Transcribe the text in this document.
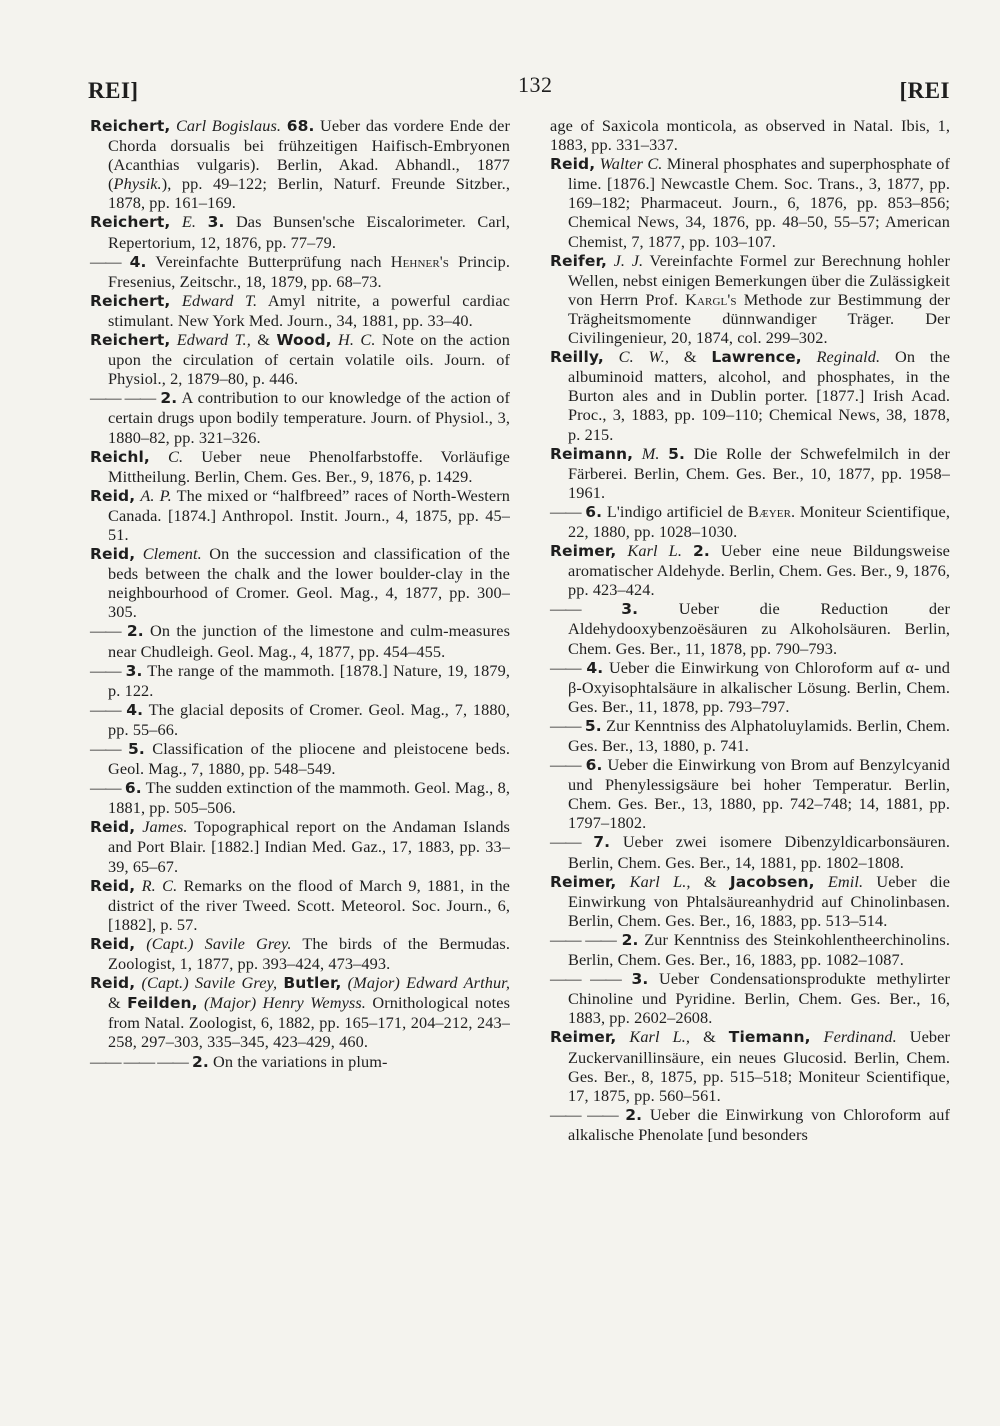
REI]	132	[REI

Reichert, Carl Bogislaus. 68. Ueber das vordere Ende der Chorda dorsualis bei frühzeitigen Haifisch-Embryonen (Acanthias vulgaris). Berlin, Akad. Abhandl., 1877 (Physik.), pp. 49–122; Berlin, Naturf. Freunde Sitzber., 1878, pp. 161–169.

Reichert, E. 3. Das Bunsen'sche Eiscalorimeter. Carl, Repertorium, 12, 1876, pp. 77–79.

—— 4. Vereinfachte Butterprüfung nach Hehner's Princip. Fresenius, Zeitschr., 18, 1879, pp. 68–73.

Reichert, Edward T. Amyl nitrite, a powerful cardiac stimulant. New York Med. Journ., 34, 1881, pp. 33–40.

Reichert, Edward T., & Wood, H. C. Note on the action upon the circulation of certain volatile oils. Journ. of Physiol., 2, 1879–80, p. 446.

—— —— 2. A contribution to our knowledge of the action of certain drugs upon bodily temperature. Journ. of Physiol., 3, 1880–82, pp. 321–326.

Reichl, C. Ueber neue Phenolfarbstoffe. Vorläufige Mittheilung. Berlin, Chem. Ges. Ber., 9, 1876, p. 1429.

Reid, A. P. The mixed or “halfbreed” races of North-Western Canada. [1874.] Anthropol. Instit. Journ., 4, 1875, pp. 45–51.

Reid, Clement. On the succession and classification of the beds between the chalk and the lower boulder-clay in the neighbourhood of Cromer. Geol. Mag., 4, 1877, pp. 300–305.

—— 2. On the junction of the limestone and culm-measures near Chudleigh. Geol. Mag., 4, 1877, pp. 454–455.

—— 3. The range of the mammoth. [1878.] Nature, 19, 1879, p. 122.

—— 4. The glacial deposits of Cromer. Geol. Mag., 7, 1880, pp. 55–66.

—— 5. Classification of the pliocene and pleistocene beds. Geol. Mag., 7, 1880, pp. 548–549.

—— 6. The sudden extinction of the mammoth. Geol. Mag., 8, 1881, pp. 505–506.

Reid, James. Topographical report on the Andaman Islands and Port Blair. [1882.] Indian Med. Gaz., 17, 1883, pp. 33–39, 65–67.

Reid, R. C. Remarks on the flood of March 9, 1881, in the district of the river Tweed. Scott. Meteorol. Soc. Journ., 6, [1882], p. 57.

Reid, (Capt.) Savile Grey. The birds of the Bermudas. Zoologist, 1, 1877, pp. 393–424, 473–493.

Reid, (Capt.) Savile Grey, Butler, (Major) Edward Arthur, & Feilden, (Major) Henry Wemyss. Ornithological notes from Natal. Zoologist, 6, 1882, pp. 165–171, 204–212, 243–258, 297–303, 335–345, 423–429, 460.

—— —— —— 2. On the variations in plum-

age of Saxicola monticola, as observed in Natal. Ibis, 1, 1883, pp. 331–337.

Reid, Walter C. Mineral phosphates and superphosphate of lime. [1876.] Newcastle Chem. Soc. Trans., 3, 1877, pp. 169–182; Pharmaceut. Journ., 6, 1876, pp. 853–856; Chemical News, 34, 1876, pp. 48–50, 55–57; American Chemist, 7, 1877, pp. 103–107.

Reifer, J. J. Vereinfachte Formel zur Berechnung hohler Wellen, nebst einigen Bemerkungen über die Zulässigkeit von Herrn Prof. Kargl's Methode zur Bestimmung der Trägheitsmomente dünnwandiger Träger. Der Civilingenieur, 20, 1874, col. 299–302.

Reilly, C. W., & Lawrence, Reginald. On the albuminoid matters, alcohol, and phosphates, in the Burton ales and in Dublin porter. [1877.] Irish Acad. Proc., 3, 1883, pp. 109–110; Chemical News, 38, 1878, p. 215.

Reimann, M. 5. Die Rolle der Schwefelmilch in der Färberei. Berlin, Chem. Ges. Ber., 10, 1877, pp. 1958–1961.

—— 6. L'indigo artificiel de Bæyer. Moniteur Scientifique, 22, 1880, pp. 1028–1030.

Reimer, Karl L. 2. Ueber eine neue Bildungsweise aromatischer Aldehyde. Berlin, Chem. Ges. Ber., 9, 1876, pp. 423–424.

——	3. Ueber die Reduction der Aldehydooxybenzoësäuren zu Alkoholsäuren. Berlin, Chem. Ges. Ber., 11, 1878, pp. 790–793.

—— 4. Ueber die Einwirkung von Chloroform auf α- und β-Oxyisophtalsäure in alkalischer Lösung. Berlin, Chem. Ges. Ber., 11, 1878, pp. 793–797.

—— 5. Zur Kenntniss des Alphatoluylamids. Berlin, Chem. Ges. Ber., 13, 1880, p. 741.

—— 6. Ueber die Einwirkung von Brom auf Benzylcyanid und Phenylessigsäure bei hoher Temperatur. Berlin, Chem. Ges. Ber., 13, 1880, pp. 742–748; 14, 1881, pp. 1797–1802.

—— 7. Ueber zwei isomere Dibenzyldicarbonsäuren. Berlin, Chem. Ges. Ber., 14, 1881, pp. 1802–1808.

Reimer, Karl L., & Jacobsen, Emil. Ueber die Einwirkung von Phtalsäureanhydrid auf Chinolinbasen. Berlin, Chem. Ges. Ber., 16, 1883, pp. 513–514.

—— —— 2. Zur Kenntniss des Steinkohlentheerchinolins. Berlin, Chem. Ges. Ber., 16, 1883, pp. 1082–1087.

—— —— 3. Ueber Condensationsprodukte methylirter Chinoline und Pyridine. Berlin, Chem. Ges. Ber., 16, 1883, pp. 2602–2608.

Reimer, Karl L., & Tiemann, Ferdinand. Ueber Zuckervanillinsäure, ein neues Glucosid. Berlin, Chem. Ges. Ber., 8, 1875, pp. 515–518; Moniteur Scientifique, 17, 1875, pp. 560–561.

—— —— 2. Ueber die Einwirkung von Chloroform auf alkalische Phenolate [und besonders
